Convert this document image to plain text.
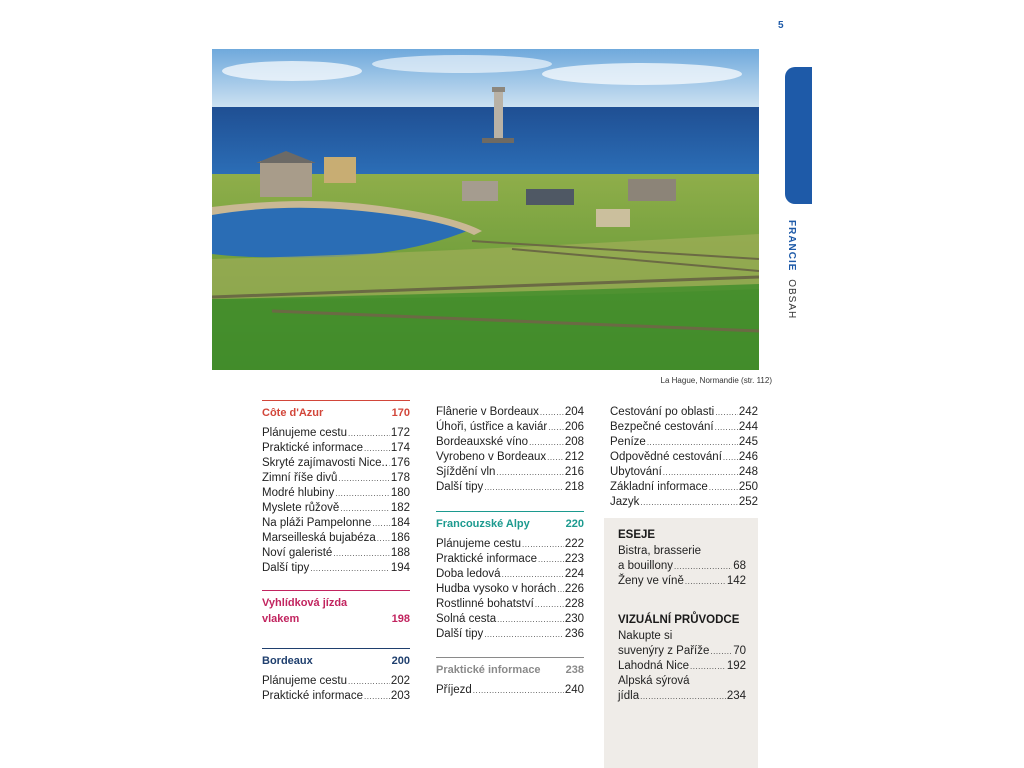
5
FRANCIE OBSAH
La Hague, Normandie (str. 112)
Côte d'Azur	170
Plánujeme cestu .....	172
Praktické informace ..... 174
Skryté zajímavosti Nice.. ..... 176
Zimní říše divů .....	178
Modré hlubiny .....	180
Myslete růžově .....	182
Na pláži Pampelonne ..... 184
Marseilleská bujabéza ..... 186
Noví galeristé .....	188
Další tipy .....	194
Vyhlídková jízda
vlakem	198
Bordeaux	200
Plánujeme cestu .....	202
Praktické informace ..... 203
Flânerie v Bordeaux ..... 204
Úhoři, ústřice a kaviár ..... 206
Bordeauxské víno .....	208
Vyrobeno v Bordeaux ..... 212
Sjíždění vln .....	216
Další tipy .....	218
Francouzské Alpy	220
Plánujeme cestu .....	222
Praktické informace ..... 223
Doba ledová .....	224
Hudba vysoko v horách ..... 226
Rostlinné bohatství .....	228
Solná cesta .....	230
Další tipy .....	236
Praktické informace	238
Příjezd .....	240
Cestování po oblasti ..... 242
Bezpečné cestování ..... 244
Peníze .....	245
Odpovědné cestování ..... 246
Ubytování .....	248
Základní informace .....	250
Jazyk .....	252
ESEJE
Bistra, brasserie
a bouillony .....	68
Ženy ve víně .....	142
VIZUÁLNÍ PRŮVODCE
Nakupte si
suvenýry z Paříže ..... 70
Lahodná Nice .....	192
Alpská sýrová
jídla .....	234
